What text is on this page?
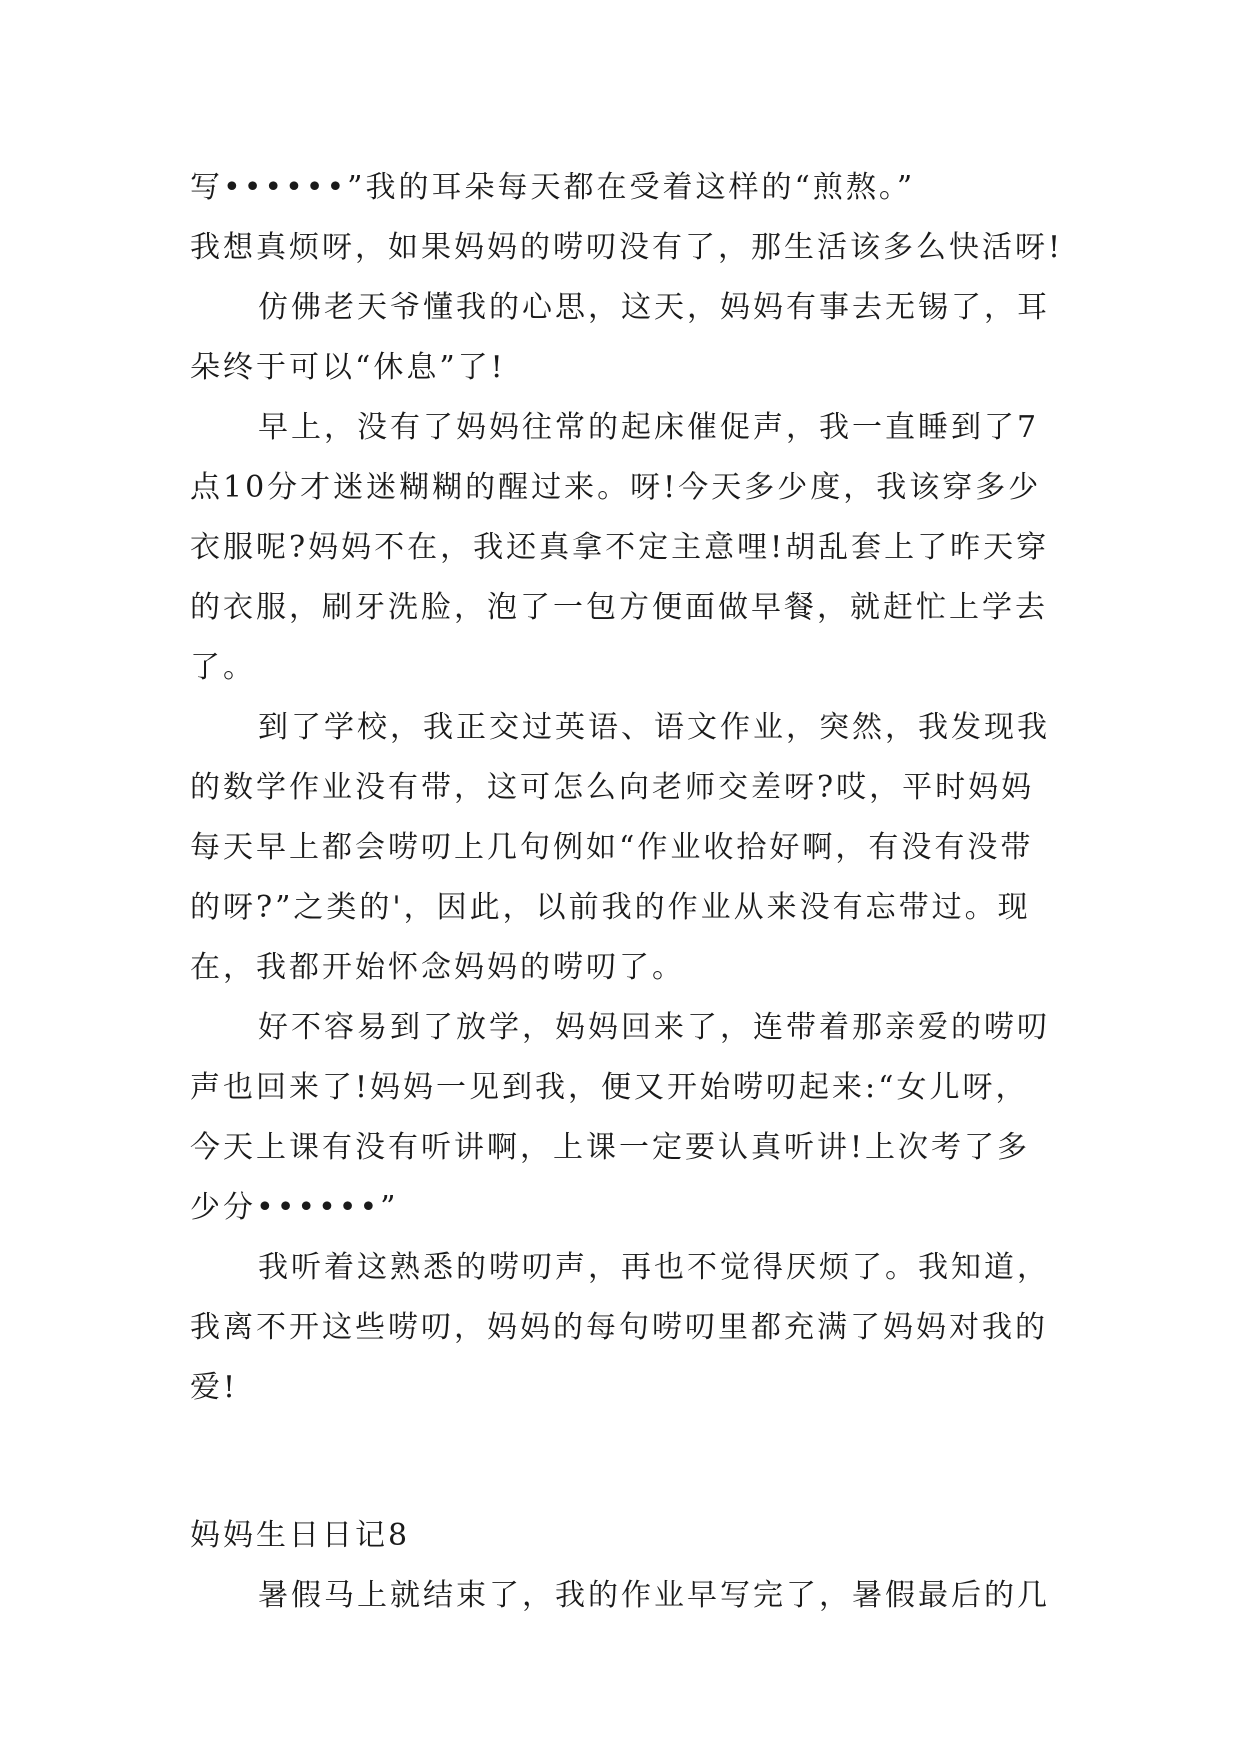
写••••••”我的耳朵每天都在受着这样的“煎熬。”
我想真烦呀，如果妈妈的唠叨没有了，那生活该多么快活呀!
仿佛老天爷懂我的心思，这天，妈妈有事去无锡了，耳
朵终于可以“休息”了!
早上，没有了妈妈往常的起床催促声，我一直睡到了7
点10分才迷迷糊糊的醒过来。呀!今天多少度，我该穿多少
衣服呢?妈妈不在，我还真拿不定主意哩!胡乱套上了昨天穿
的衣服，刷牙洗脸，泡了一包方便面做早餐，就赶忙上学去
了。
到了学校，我正交过英语、语文作业，突然，我发现我
的数学作业没有带，这可怎么向老师交差呀?哎，平时妈妈
每天早上都会唠叨上几句例如“作业收拾好啊，有没有没带
的呀?”之类的'，因此，以前我的作业从来没有忘带过。现
在，我都开始怀念妈妈的唠叨了。
好不容易到了放学，妈妈回来了，连带着那亲爱的唠叨
声也回来了!妈妈一见到我，便又开始唠叨起来:“女儿呀，
今天上课有没有听讲啊，上课一定要认真听讲!上次考了多
少分••••••”
我听着这熟悉的唠叨声，再也不觉得厌烦了。我知道，
我离不开这些唠叨，妈妈的每句唠叨里都充满了妈妈对我的
爱!
妈妈生日日记8
暑假马上就结束了，我的作业早写完了，暑假最后的几
